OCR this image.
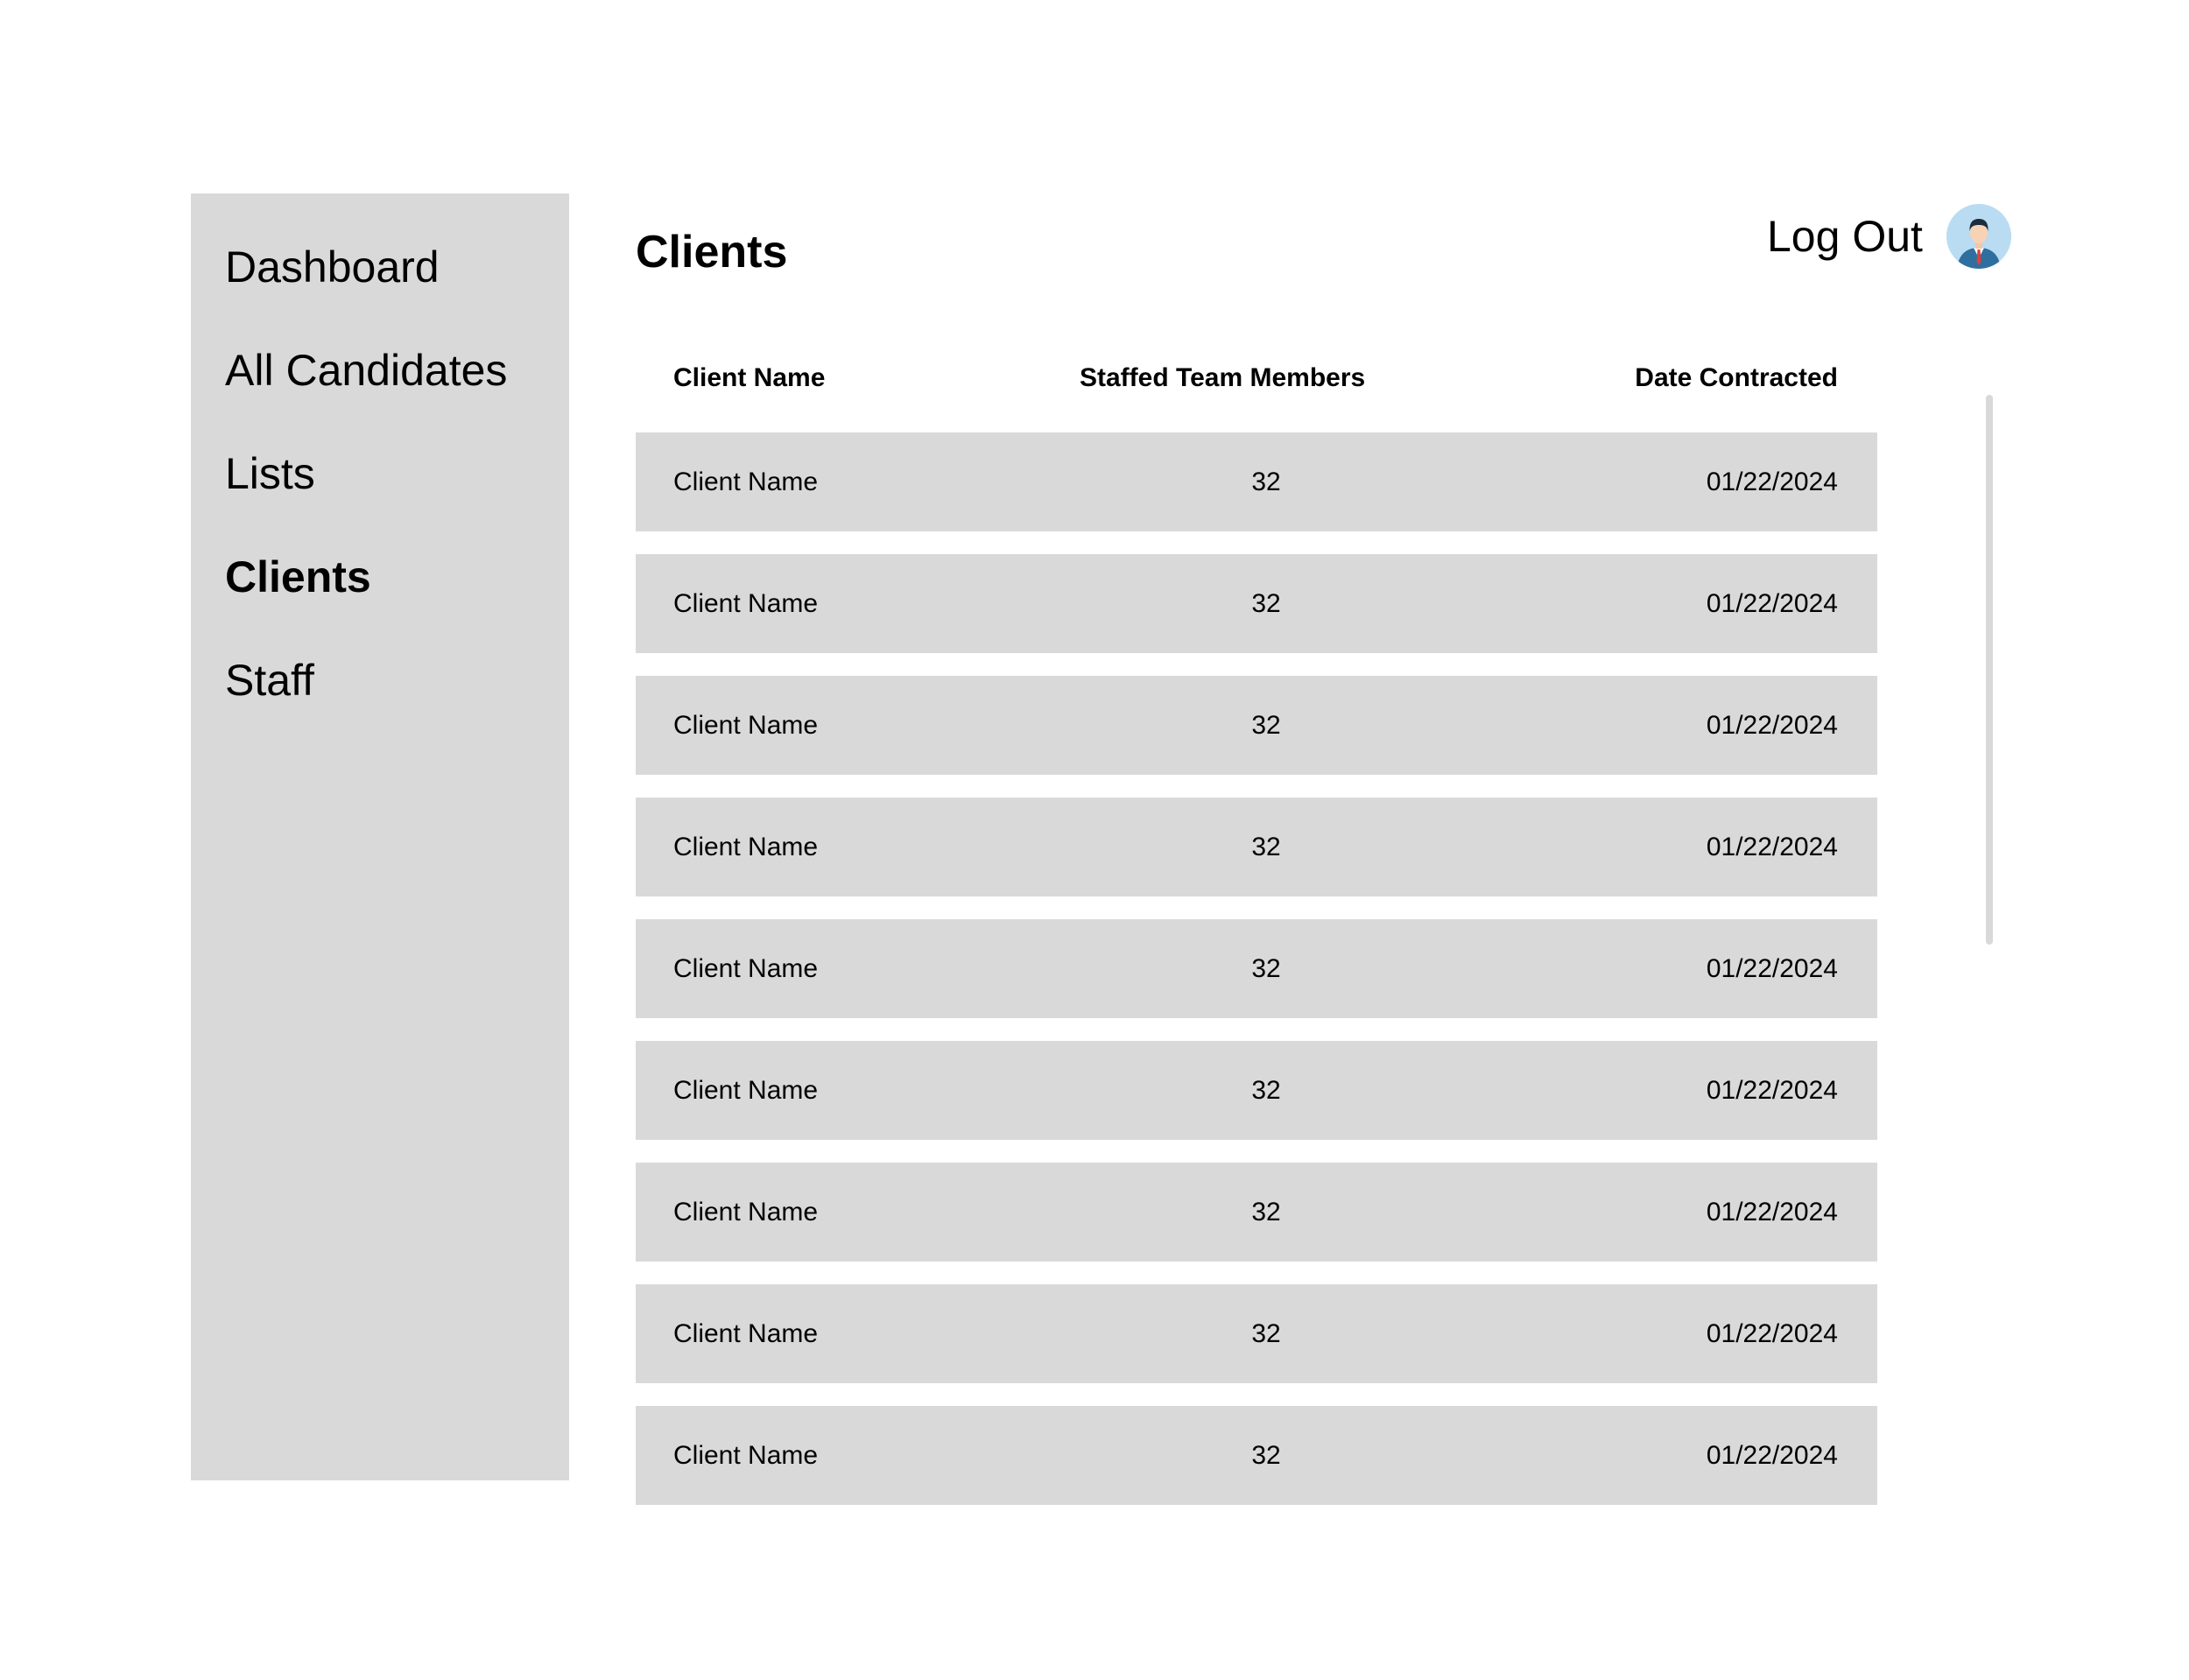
Dashboard
All Candidates
Lists
Clients
Staff
Clients	Log Out
Client Name	Staffed Team Members	Date Contracted
Client Name	32	01/22/2024
Client Name	32	01/22/2024
Client Name	32	01/22/2024
Client Name	32	01/22/2024
Client Name	32	01/22/2024
Client Name	32	01/22/2024
Client Name	32	01/22/2024
Client Name	32	01/22/2024
Client Name	32	01/22/2024
